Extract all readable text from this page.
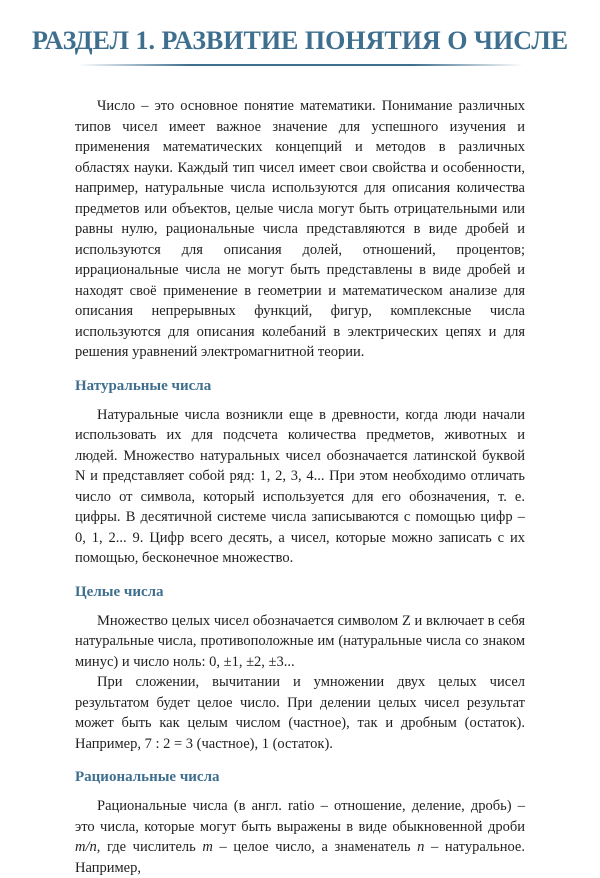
РАЗДЕЛ 1. РАЗВИТИЕ ПОНЯТИЯ О ЧИСЛЕ

Число – это основное понятие математики. Понимание различных типов чисел имеет важное значение для успешного изучения и применения математических концепций и методов в различных областях науки. Каждый тип чисел имеет свои свойства и особенности, например, натуральные числа используются для описания количества предметов или объектов, целые числа могут быть отрицательными или равны нулю, рациональные числа представляются в виде дробей и используются для описания долей, отношений, процентов; иррациональные числа не могут быть представлены в виде дробей и находят своё применение в геометрии и математическом анализе для описания непрерывных функций, фигур, комплексные числа используются для описания колебаний в электрических цепях и для решения уравнений электромагнитной теории.

Натуральные числа

Натуральные числа возникли еще в древности, когда люди начали использовать их для подсчета количества предметов, животных и людей. Множество натуральных чисел обозначается латинской буквой N и представляет собой ряд: 1, 2, 3, 4... При этом необходимо отличать число от символа, который используется для его обозначения, т. е. цифры. В десятичной системе числа записываются с помощью цифр – 0, 1, 2... 9. Цифр всего десять, а чисел, которые можно записать с их помощью, бесконечное множество.

Целые числа

Множество целых чисел обозначается символом Z и включает в себя натуральные числа, противоположные им (натуральные числа со знаком минус) и число ноль: 0, ±1, ±2, ±3...

При сложении, вычитании и умножении двух целых чисел результатом будет целое число. При делении целых чисел результат может быть как целым числом (частное), так и дробным (остаток). Например, 7 : 2 = 3 (частное), 1 (остаток).

Рациональные числа

Рациональные числа (в англ. ratio – отношение, деление, дробь) – это числа, которые могут быть выражены в виде обыкновенной дроби m/n, где числитель m – целое число, а знаменатель n – натуральное. Например,
